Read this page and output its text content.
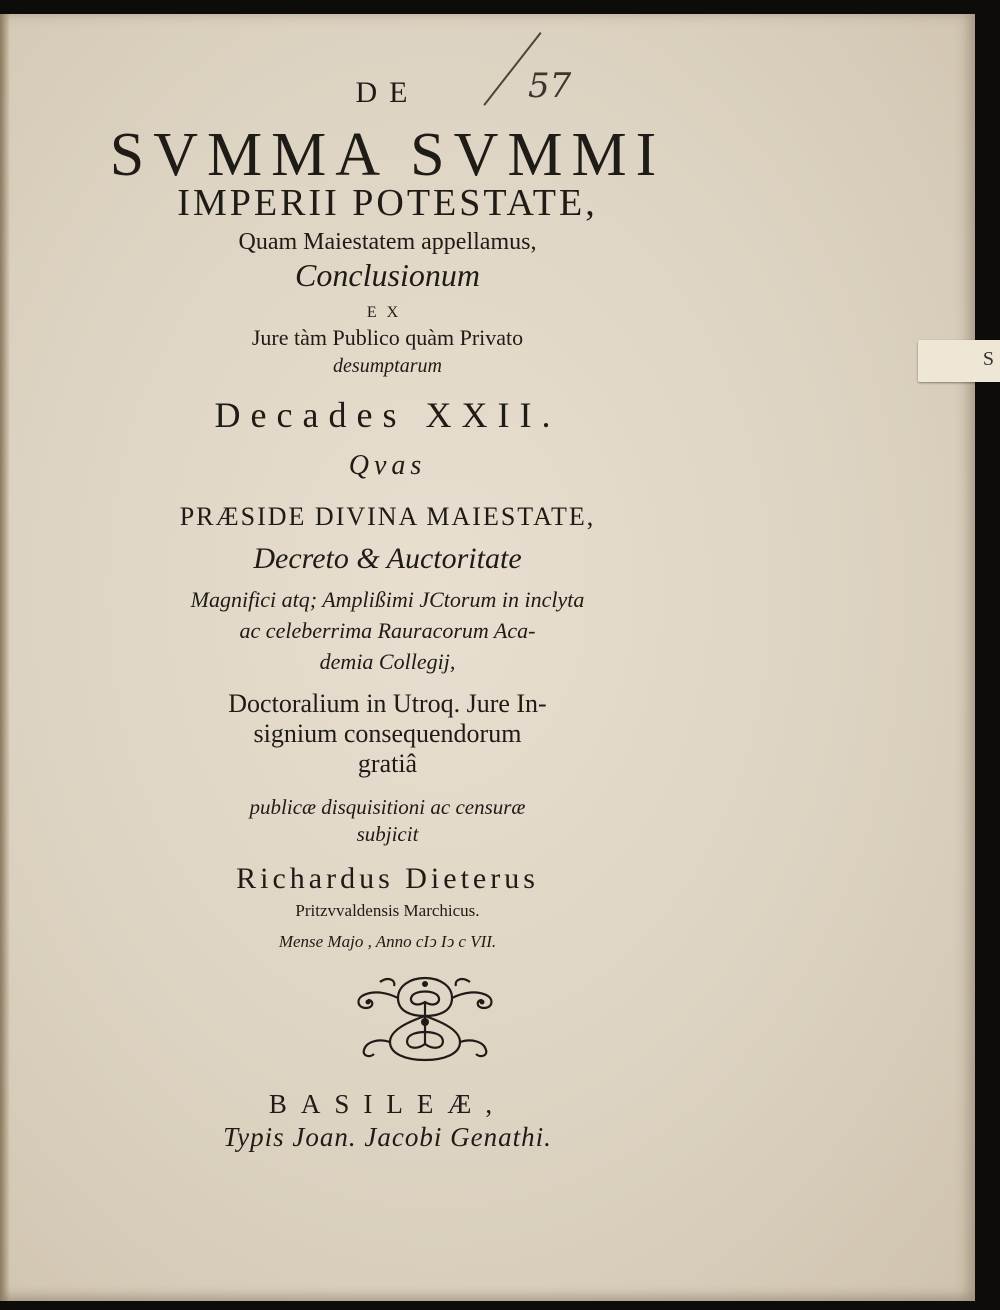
57
DE
SVMMA SVMMI
IMPERII POTESTATE,
Quam Maiestatem appellamus,
Conclusionum
EX
Jure tàm Publico quàm Privato
desumptarum
Decades XXII.
Qvas
PRÆSIDE DIVINA MAIESTATE,
Decreto & Auctoritate
Magnifici atq; Amplißimi JCtorum in inclyta
ac celeberrima Rauracorum Aca-
demia Collegij,
Doctoralium in Utroq. Jure In-
signium consequendorum
gratiâ
publicæ disquisitioni ac censuræ
subjicit
Richardus Dieterus
Pritzvvaldensis Marchicus.
Mense Majo , Anno cIↄ Iↄ c VII.
BASILEÆ,
Typis Joan. Jacobi Genathi.
S
